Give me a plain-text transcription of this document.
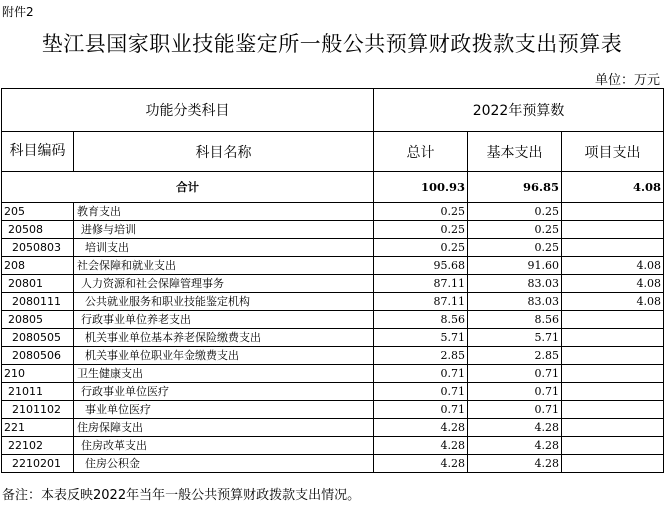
附件2
垫江县国家职业技能鉴定所一般公共预算财政拨款支出预算表
单位：万元
功能分类科目		2022年预算数		
科目编码	科目名称	总计	基本支出	项目支出
合计		100.93	96.85	4.08
205	教育支出	0.25	0.25	
20508	进修与培训	0.25	0.25	
2050803	培训支出	0.25	0.25	
208	社会保障和就业支出	95.68	91.60	4.08
20801	人力资源和社会保障管理事务	87.11	83.03	4.08
2080111	公共就业服务和职业技能鉴定机构	87.11	83.03	4.08
20805	行政事业单位养老支出	8.56	8.56	
2080505	机关事业单位基本养老保险缴费支出	5.71	5.71	
2080506	机关事业单位职业年金缴费支出	2.85	2.85	
210	卫生健康支出	0.71	0.71	
21011	行政事业单位医疗	0.71	0.71	
2101102	事业单位医疗	0.71	0.71	
221	住房保障支出	4.28	4.28	
22102	住房改革支出	4.28	4.28	
2210201	住房公积金	4.28	4.28	
备注：本表反映2022年当年一般公共预算财政拨款支出情况。
